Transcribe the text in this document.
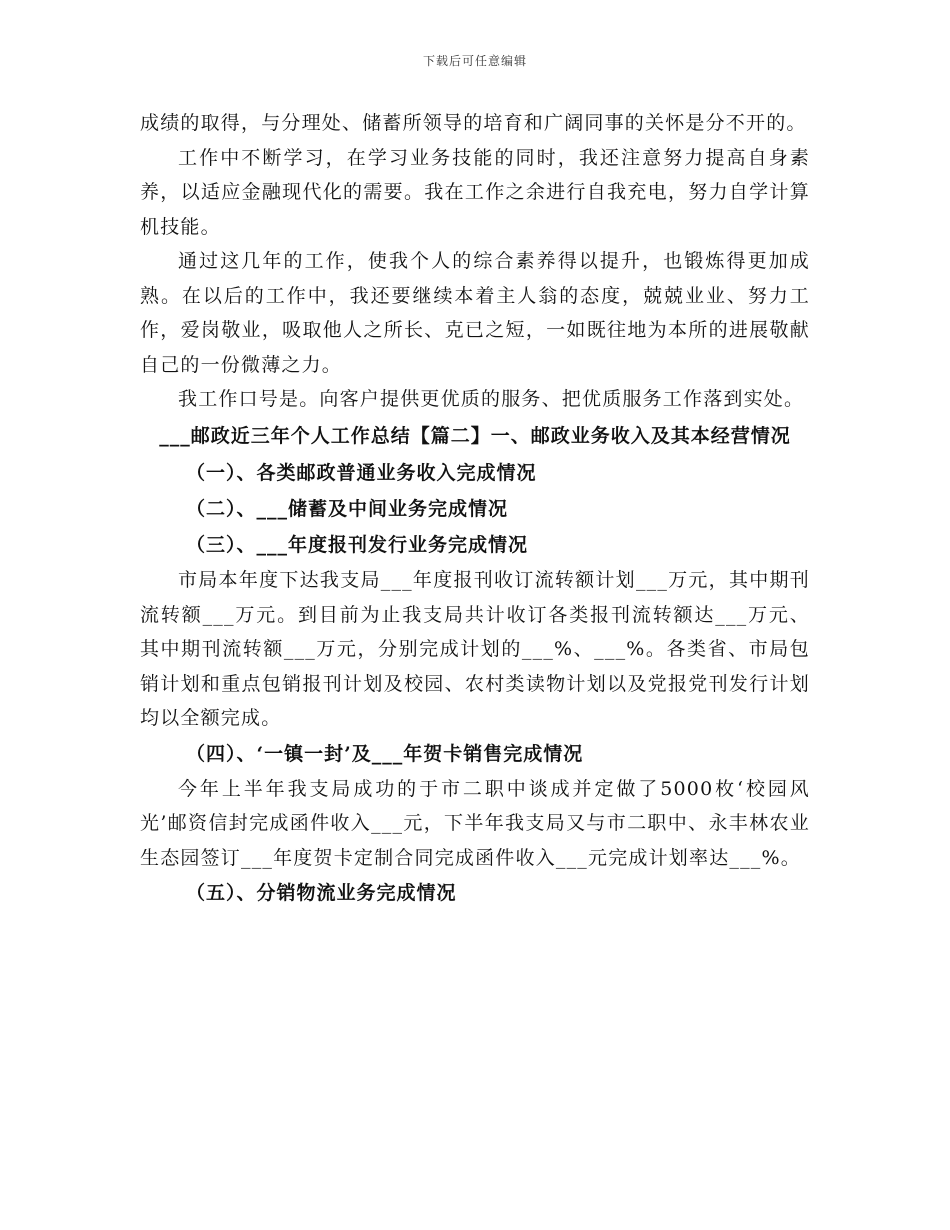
下载后可任意编辑

成绩的取得，与分理处、储蓄所领导的培育和广阔同事的关怀是分不开的。

工作中不断学习，在学习业务技能的同时，我还注意努力提高自身素养，以适应金融现代化的需要。我在工作之余进行自我充电，努力自学计算机技能。

通过这几年的工作，使我个人的综合素养得以提升，也锻炼得更加成熟。在以后的工作中，我还要继续本着主人翁的态度，兢兢业业、努力工作，爱岗敬业，吸取他人之所长、克已之短，一如既往地为本所的进展敬献自己的一份微薄之力。

我工作口号是。向客户提供更优质的服务、把优质服务工作落到实处。

___邮政近三年个人工作总结【篇二】一、邮政业务收入及其本经营情况

（一）、各类邮政普通业务收入完成情况

（二）、___储蓄及中间业务完成情况

（三）、___年度报刊发行业务完成情况

市局本年度下达我支局___年度报刊收订流转额计划___万元，其中期刊流转额___万元。到目前为止我支局共计收订各类报刊流转额达___万元、其中期刊流转额___万元，分别完成计划的___%、___%。各类省、市局包销计划和重点包销报刊计划及校园、农村类读物计划以及党报党刊发行计划均以全额完成。

（四）、‘一镇一封’及___年贺卡销售完成情况

今年上半年我支局成功的于市二职中谈成并定做了5000枚‘校园风光’邮资信封完成函件收入___元，下半年我支局又与市二职中、永丰林农业生态园签订___年度贺卡定制合同完成函件收入___元完成计划率达___%。

（五）、分销物流业务完成情况
